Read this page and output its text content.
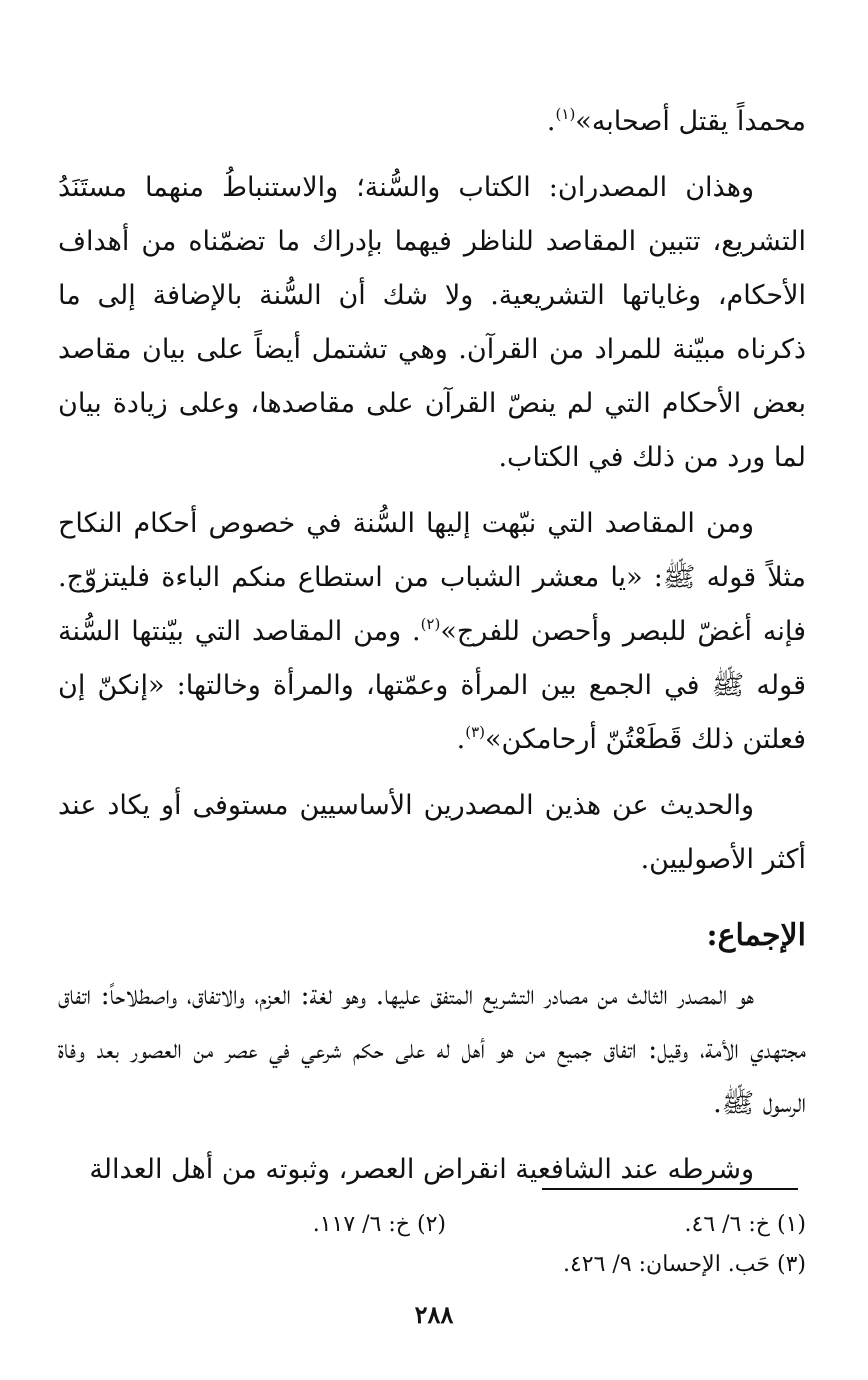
محمداً يقتل أصحابه»$^{(١)}$.

وهذان المصدران: الكتاب والسُّنة؛ والاستنباطُ منهما مستَنَدُ التشريع، تتبين المقاصد للناظر فيهما بإدراك ما تضمّناه من أهداف الأحكام، وغاياتها التشريعية. ولا شك أن السُّنة بالإضافة إلى ما ذكرناه مبيّنة للمراد من القرآن. وهي تشتمل أيضاً على بيان مقاصد بعض الأحكام التي لم ينصّ القرآن على مقاصدها، وعلى زيادة بيان لما ورد من ذلك في الكتاب.

ومن المقاصد التي نبّهت إليها السُّنة في خصوص أحكام النكاح مثلاً قوله ﷺ: «يا معشر الشباب من استطاع منكم الباءة فليتزوّج. فإنه أغضّ للبصر وأحصن للفرج»$^{(٢)}$. ومن المقاصد التي بيّنتها السُّنة قوله ﷺ في الجمع بين المرأة وعمّتها، والمرأة وخالتها: «إنكنّ إن فعلتن ذلك قَطَعْتُنّ أرحامكن»$^{(٣)}$.

والحديث عن هذين المصدرين الأساسيين مستوفى أو يكاد عند أكثر الأصوليين.

الإجماع:

هو المصدر الثالث من مصادر التشريع المتفق عليها. وهو لغة: العزم، والاتفاق، واصطلاحاً: اتفاق مجتهدي الأمة، وقيل: اتفاق جميع من هو أهل له على حكم شرعي في عصر من العصور بعد وفاة الرسول ﷺ.

وشرطه عند الشافعية انقراض العصر، وثبوته من أهل العدالة

(١) خ: ٦/ ٤٦.
(٢) خ: ٦/ ١١٧.
(٣) حَب. الإحسان: ٩/ ٤٢٦.
٢٨٨
